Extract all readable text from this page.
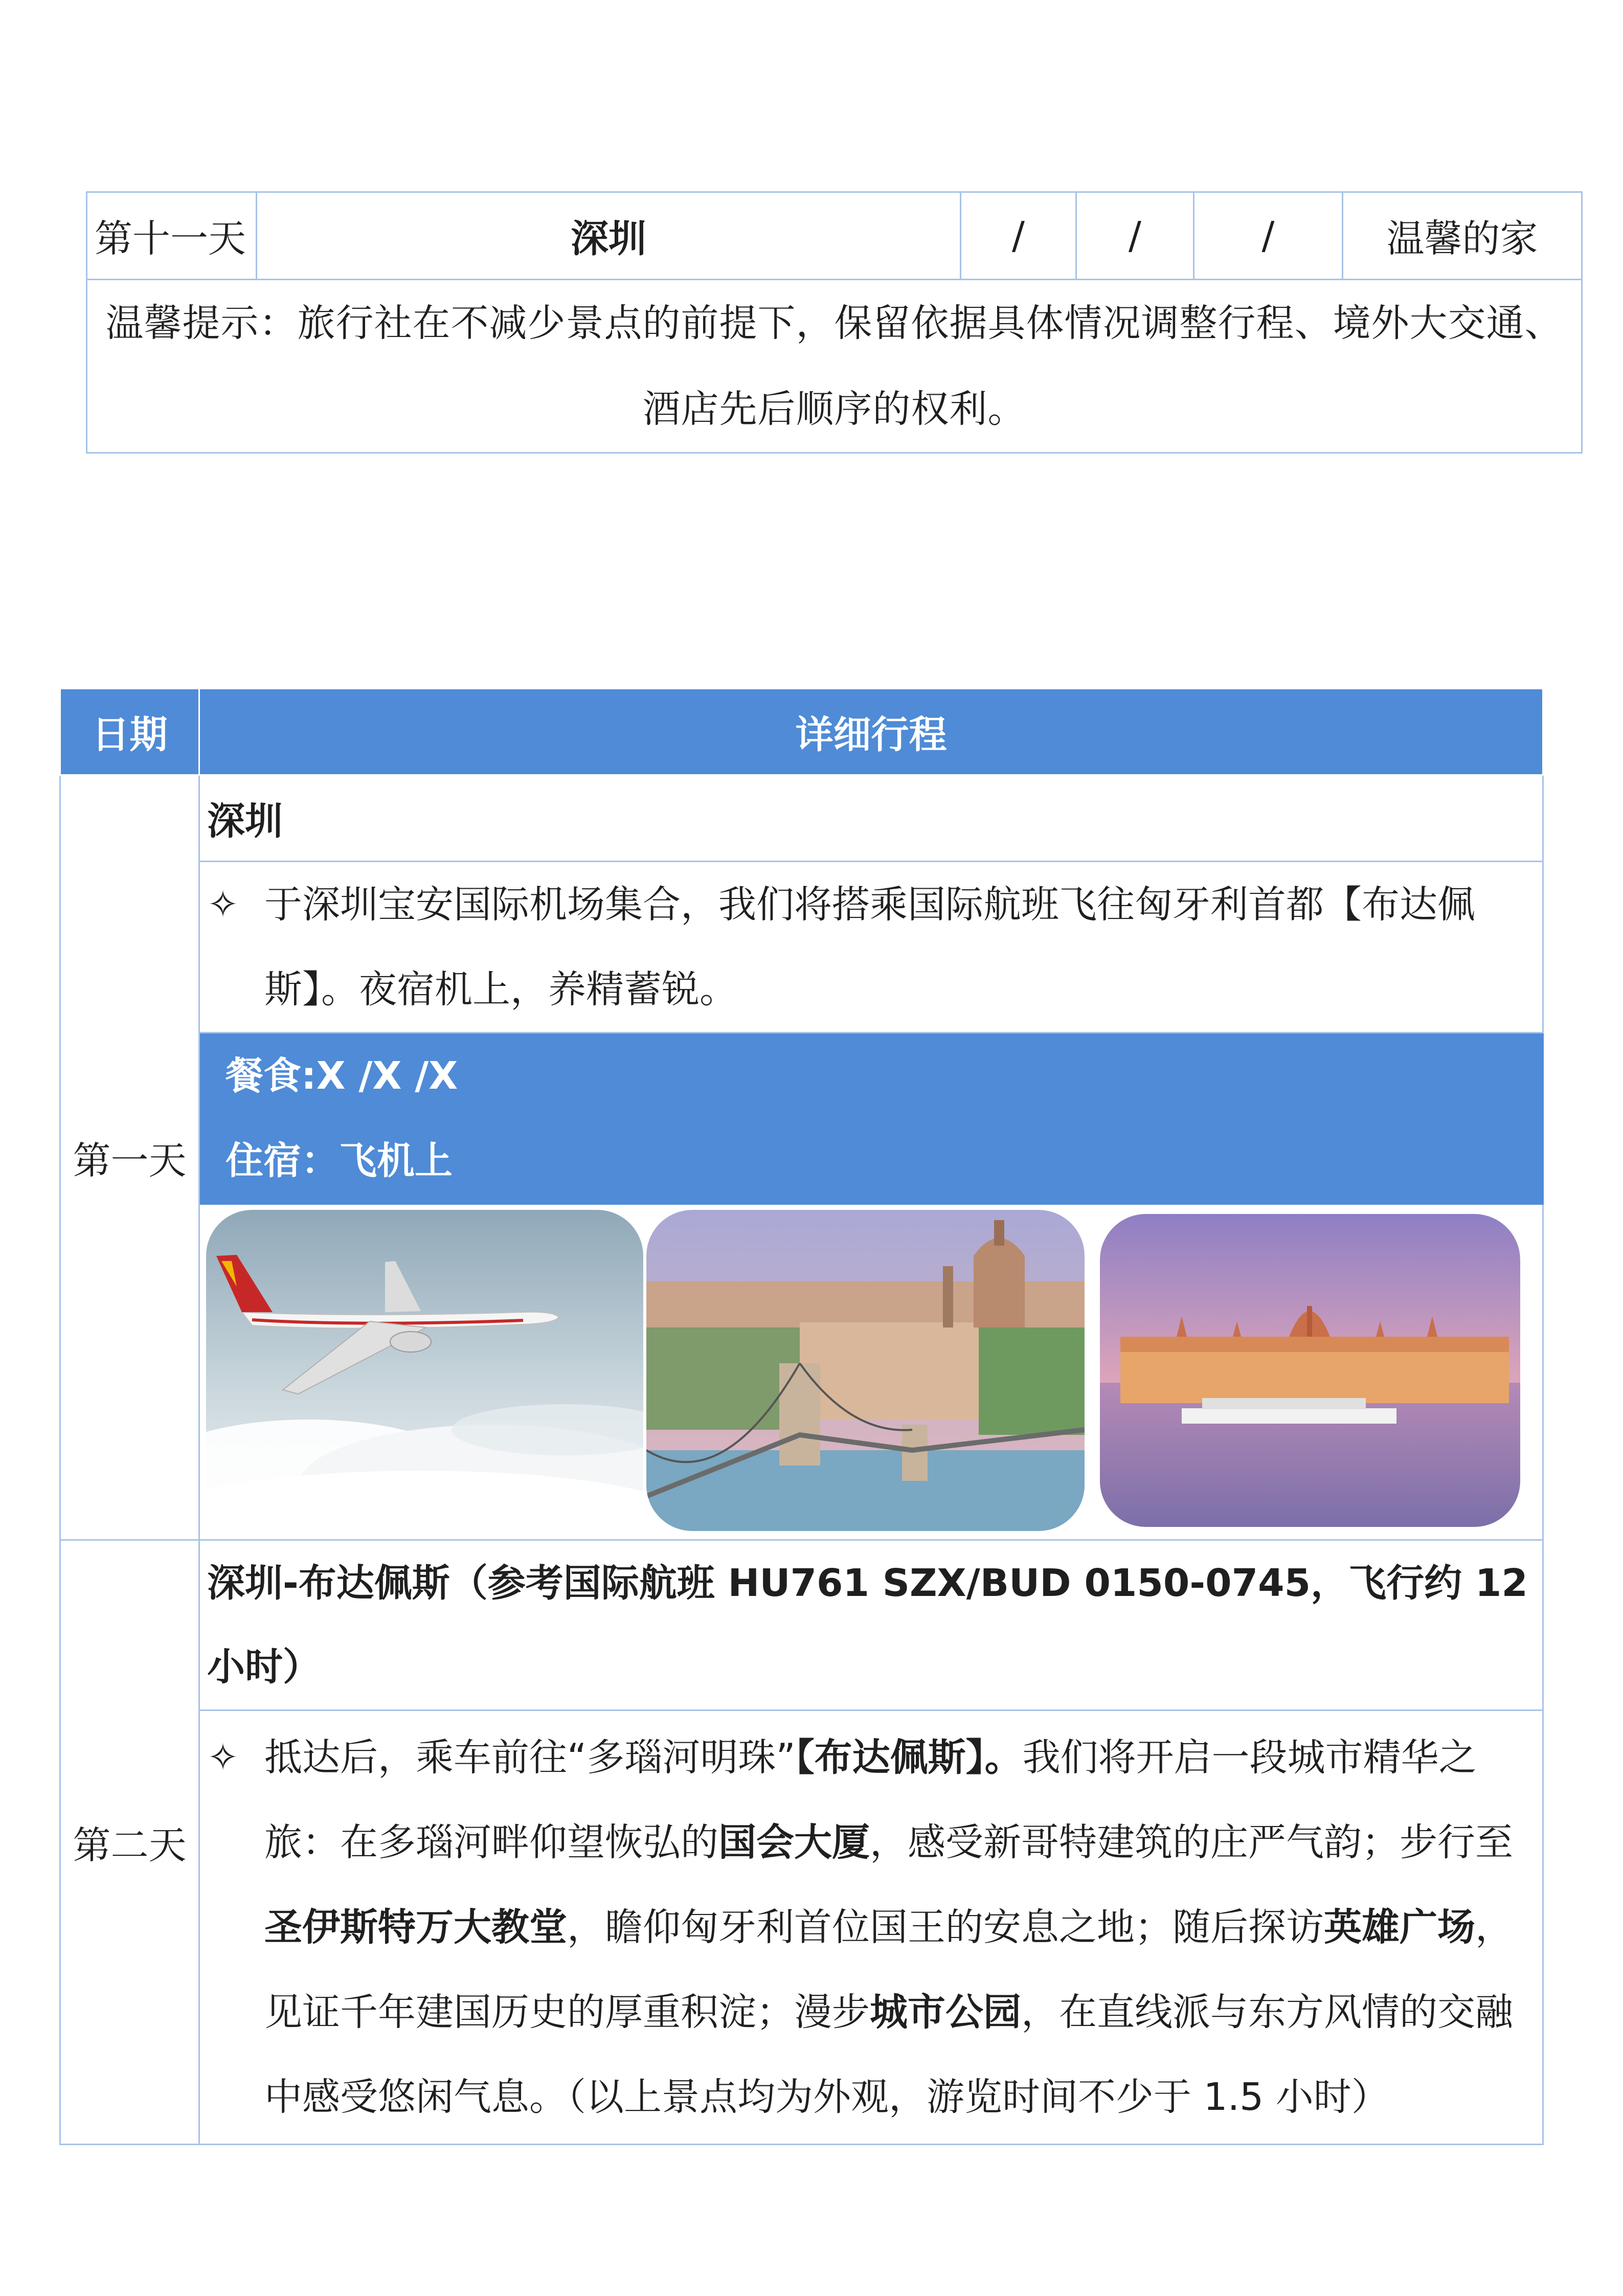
第十一天	深圳	/	/	/	温馨的家
温馨提示：旅行社在不减少景点的前提下，保留依据具体情况调整行程、境外大交通、酒店先后顺序的权利。
日期	详细行程
第一天	深圳

	✧ 于深圳宝安国际机场集合，我们将搭乘国际航班飞往匈牙利首都【布达佩斯】。夜宿机上，养精蓄锐。

	餐食:X /X /X
住宿：飞机上

第二天	深圳-布达佩斯（参考国际航班 HU761 SZX/BUD 0150-0745，飞行约 12 小时）

	✧ 抵达后，乘车前往“多瑙河明珠”【布达佩斯】。我们将开启一段城市精华之旅：在多瑙河畔仰望恢弘的国会大厦，感受新哥特建筑的庄严气韵；步行至圣伊斯特万大教堂，瞻仰匈牙利首位国王的安息之地；随后探访英雄广场，见证千年建国历史的厚重积淀；漫步城市公园，在直线派与东方风情的交融中感受悠闲气息。（以上景点均为外观，游览时间不少于 1.5 小时）
